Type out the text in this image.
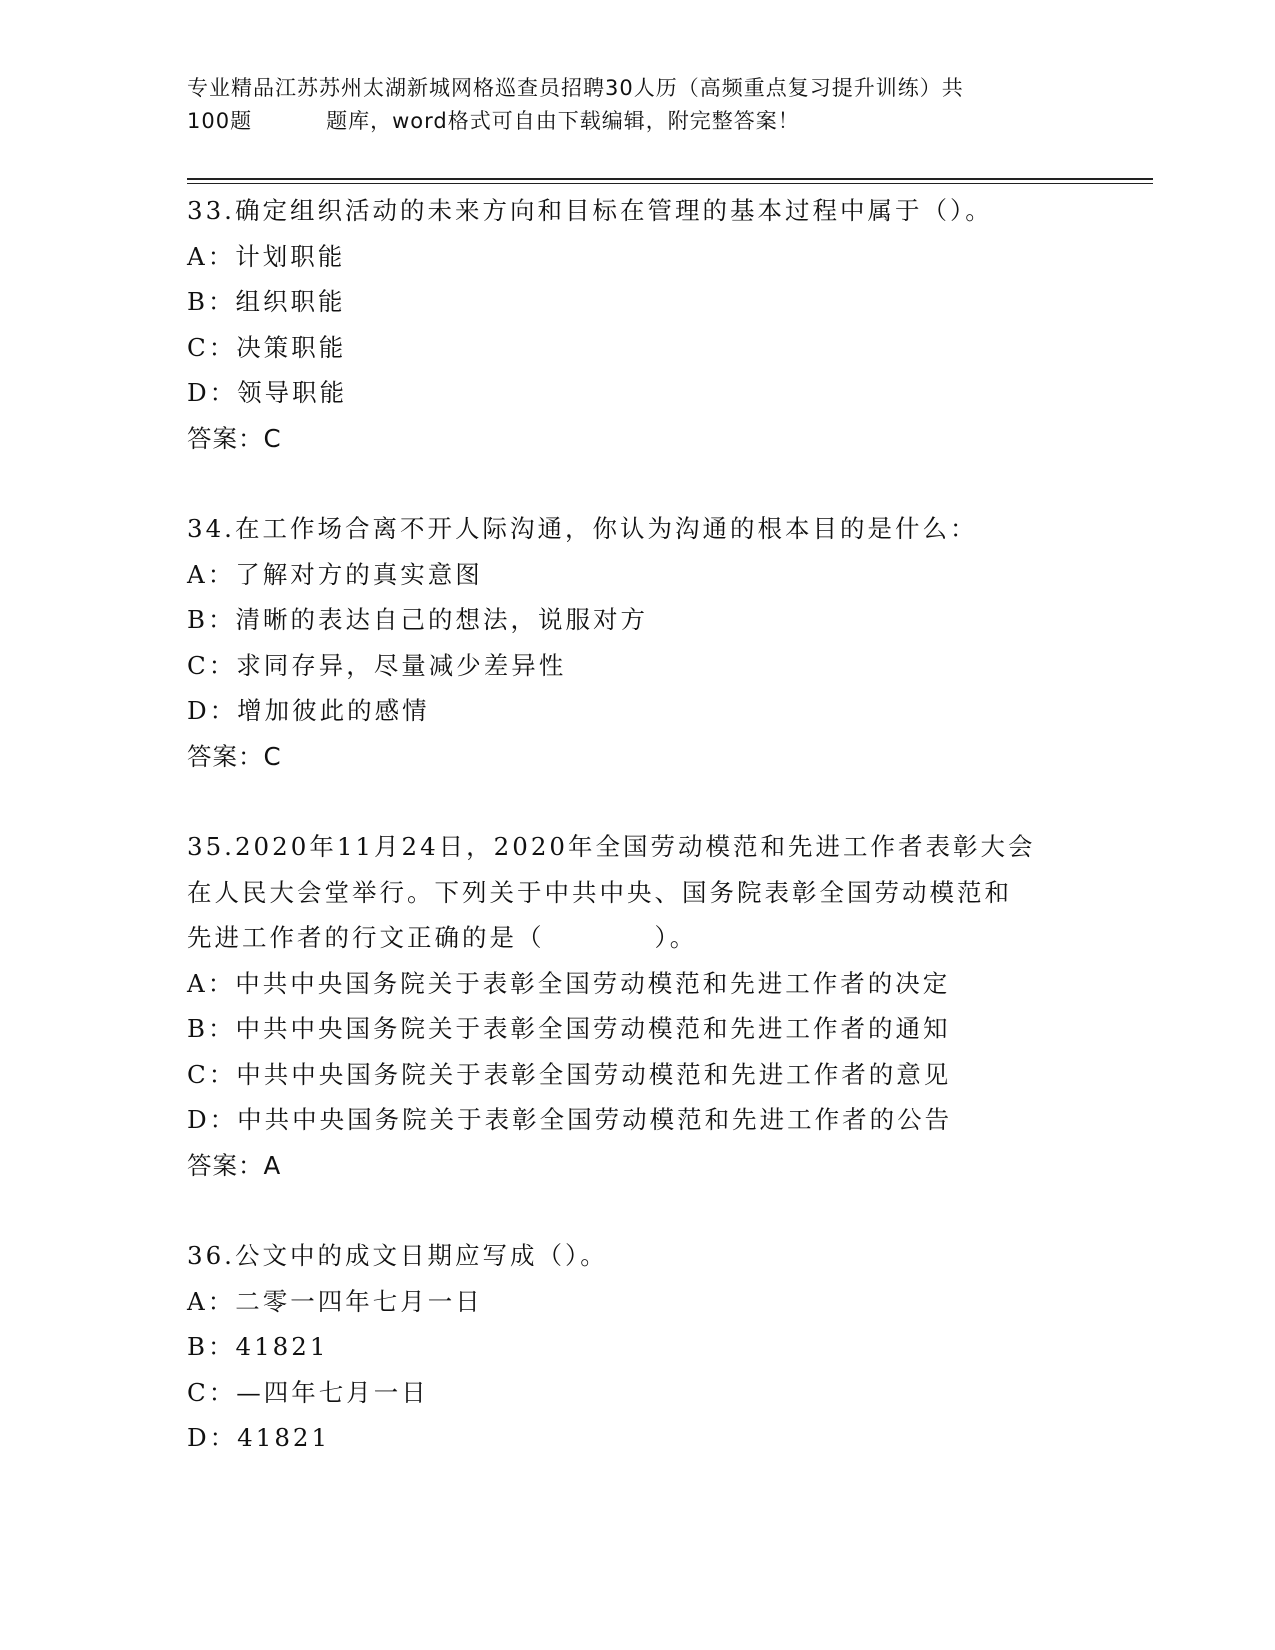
专业精品江苏苏州太湖新城网格巡查员招聘30人历（高频重点复习提升训练）共
100题	题库，word格式可自由下载编辑，附完整答案！
33.确定组织活动的未来方向和目标在管理的基本过程中属于（）。
A：计划职能
B：组织职能
C：决策职能
D：领导职能
答案：C
34.在工作场合离不开人际沟通，你认为沟通的根本目的是什么：
A：了解对方的真实意图
B：清晰的表达自己的想法，说服对方
C：求同存异，尽量减少差异性
D：增加彼此的感情
答案：C
35.2020年11月24日，2020年全国劳动模范和先进工作者表彰大会
在人民大会堂举行。下列关于中共中央、国务院表彰全国劳动模范和
先进工作者的行文正确的是（	）。
A：中共中央国务院关于表彰全国劳动模范和先进工作者的决定
B：中共中央国务院关于表彰全国劳动模范和先进工作者的通知
C：中共中央国务院关于表彰全国劳动模范和先进工作者的意见
D：中共中央国务院关于表彰全国劳动模范和先进工作者的公告
答案：A
36.公文中的成文日期应写成（）。
A：二零一四年七月一日
B：41821
C：—四年七月一日
D：41821
